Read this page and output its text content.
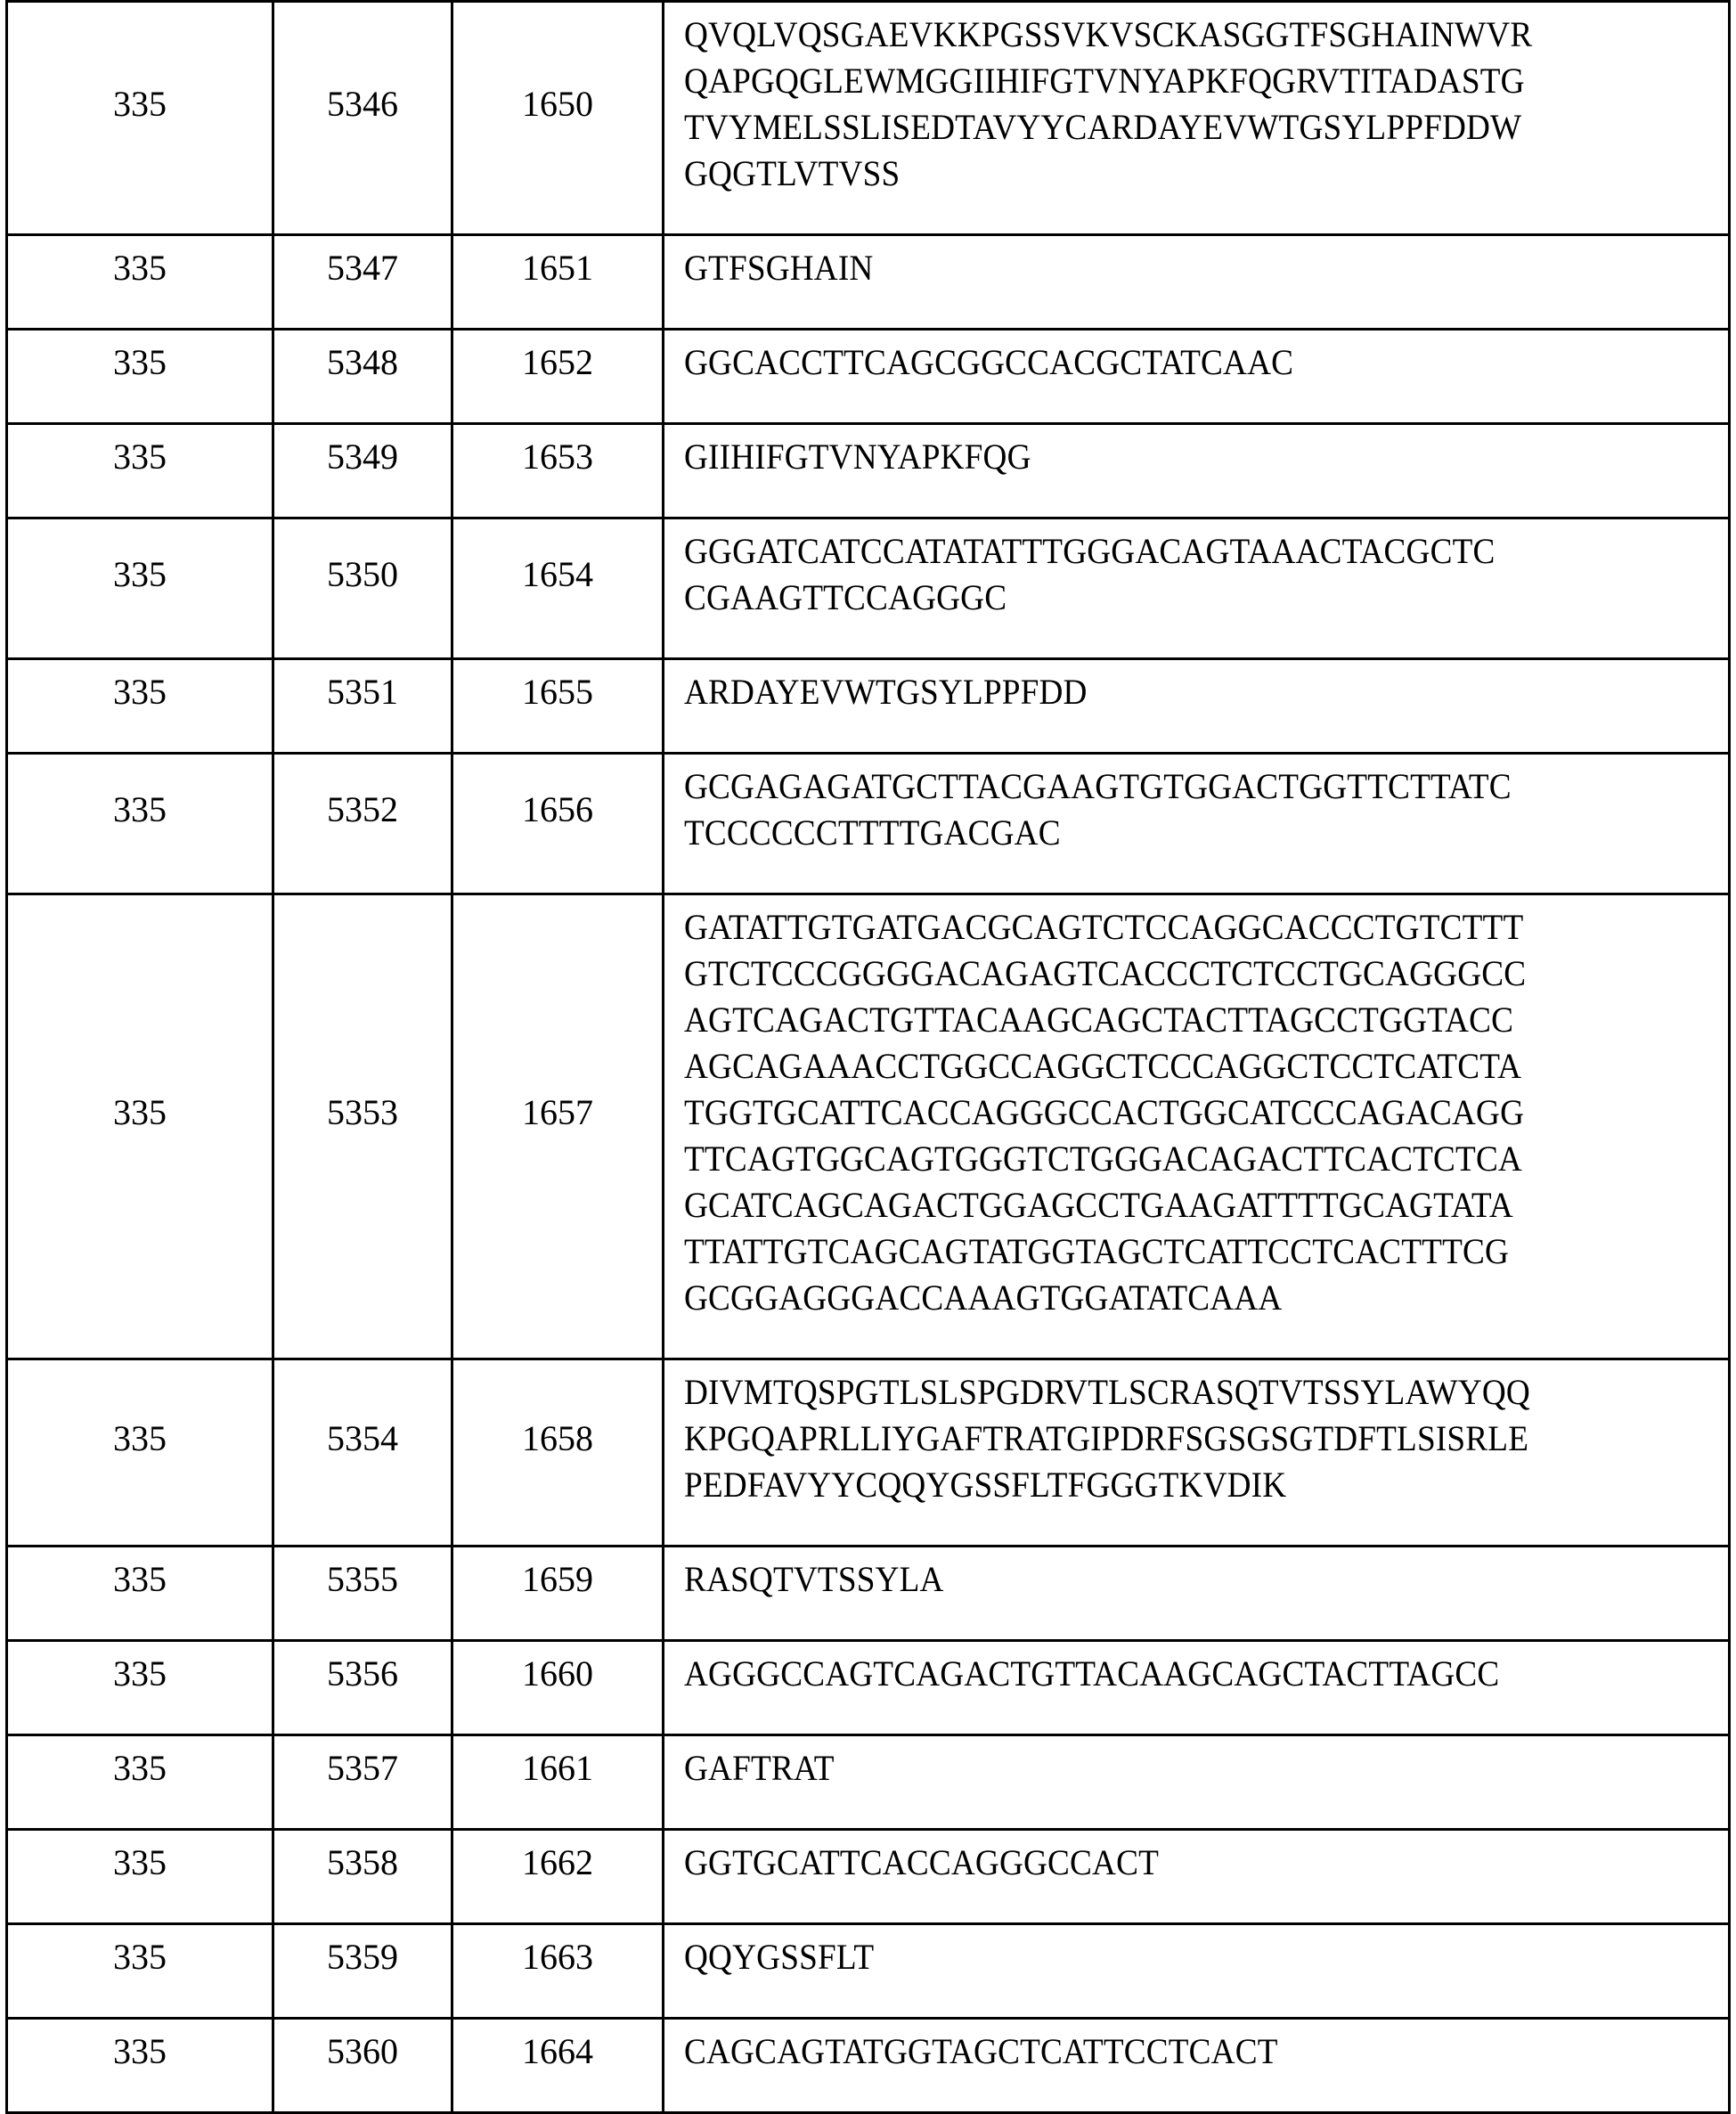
335	5346	1650	
QVQLVQSGAEVKKPGSSVKVSCKASGGTFSGHAINWVR
QAPGQGLEWMGGIIHIFGTVNYAPKFQGRVTITADASTG
TVYMELSSLISEDTAVYYCARDAYEVWTGSYLPPFDDW
GQGTLVTVSS

335	5347	1651	GTFSGHAIN

335	5348	1652	GGCACCTTCAGCGGCCACGCTATCAAC

335	5349	1653	GIIHIFGTVNYAPKFQG

335	5350	1654	
GGGATCATCCATATATTTGGGACAGTAAACTACGCTC
CGAAGTTCCAGGGC

335	5351	1655	ARDAYEVWTGSYLPPFDD

335	5352	1656	
GCGAGAGATGCTTACGAAGTGTGGACTGGTTCTTATC
TCCCCCCTTTTGACGAC

335	5353	1657	
GATATTGTGATGACGCAGTCTCCAGGCACCCTGTCTTT
GTCTCCCGGGGACAGAGTCACCCTCTCCTGCAGGGCC
AGTCAGACTGTTACAAGCAGCTACTTAGCCTGGTACC
AGCAGAAACCTGGCCAGGCTCCCAGGCTCCTCATCTA
TGGTGCATTCACCAGGGCCACTGGCATCCCAGACAGG
TTCAGTGGCAGTGGGTCTGGGACAGACTTCACTCTCA
GCATCAGCAGACTGGAGCCTGAAGATTTTGCAGTATA
TTATTGTCAGCAGTATGGTAGCTCATTCCTCACTTTCG
GCGGAGGGACCAAAGTGGATATCAAA

335	5354	1658	
DIVMTQSPGTLSLSPGDRVTLSCRASQTVTSSYLAWYQQ
KPGQAPRLLIYGAFTRATGIPDRFSGSGSGTDFTLSISRLE
PEDFAVYYCQQYGSSFLTFGGGTKVDIK

335	5355	1659	RASQTVTSSYLA

335	5356	1660	AGGGCCAGTCAGACTGTTACAAGCAGCTACTTAGCC

335	5357	1661	GAFTRAT

335	5358	1662	GGTGCATTCACCAGGGCCACT

335	5359	1663	QQYGSSFLT

335	5360	1664	CAGCAGTATGGTAGCTCATTCCTCACT
